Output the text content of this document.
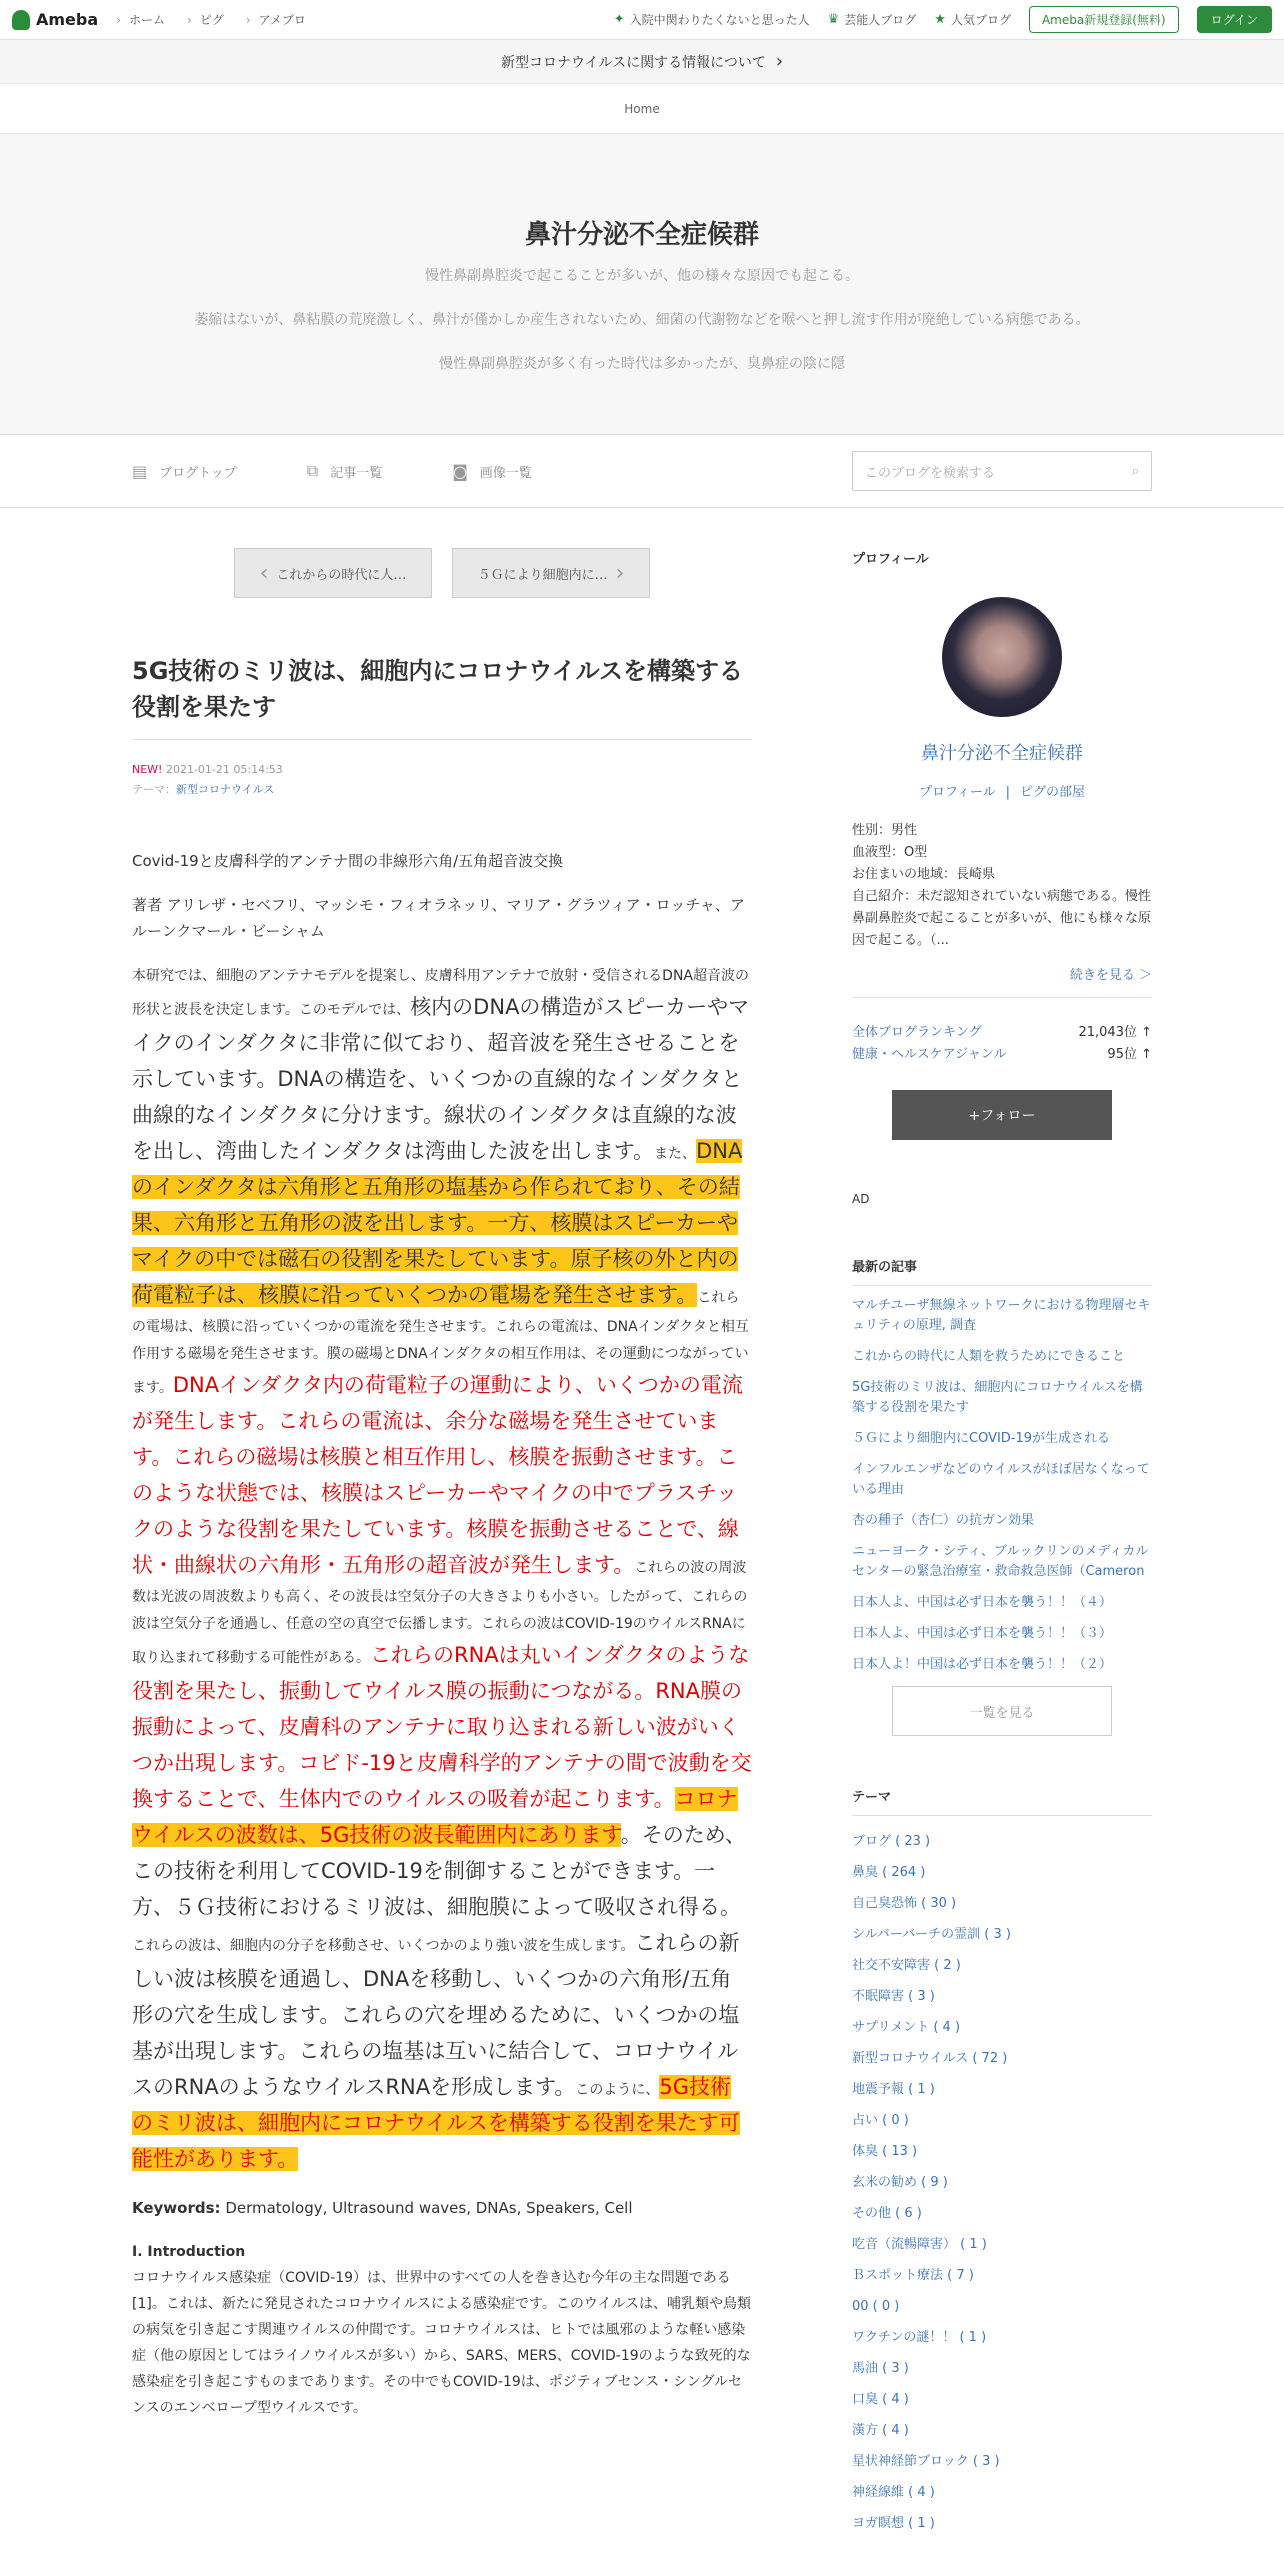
Ameba	› ホーム	› ピグ	› アメブロ	✦ 入院中関わりたくないと思った人 ♛ 芸能人ブログ ★ 人気ブログ	Ameba新規登録(無料)	ログイン
新型コロナウイルスに関する情報について ›
Home
鼻汁分泌不全症候群

慢性鼻副鼻腔炎で起こることが多いが、他の様々な原因でも起こる。

萎縮はないが、鼻粘膜の荒廃激しく、鼻汁が僅かしか産生されないため、細菌の代謝物などを喉へと押し流す作用が廃絶している病態である。

慢性鼻副鼻腔炎が多く有った時代は多かったが、臭鼻症の陰に隠

▤ ブログトップ	⧉ 記事一覧	◙ 画像一覧	このブログを検索する	⌕
‹ これからの時代に人…	５Ｇにより細胞内に… ›
5G技術のミリ波は、細胞内にコロナウイルスを構築する役割を果たす
NEW! 2021-01-21 05:14:53
テーマ：新型コロナウイルス

Covid-19と皮膚科学的アンテナ間の非線形六角/五角超音波交換

著者 アリレザ・セベフリ、マッシモ・フィオラネッリ、マリア・グラツィア・ロッチャ、アルーンクマール・ビーシャム

本研究では、細胞のアンテナモデルを提案し、皮膚科用アンテナで放射・受信されるDNA超音波の形状と波長を決定します。このモデルでは、核内のDNAの構造がスピーカーやマイクのインダクタに非常に似ており、超音波を発生させることを示しています。DNAの構造を、いくつかの直線的なインダクタと曲線的なインダクタに分けます。線状のインダクタは直線的な波を出し、湾曲したインダクタは湾曲した波を出します。また、DNAのインダクタは六角形と五角形の塩基から作られており、その結果、六角形と五角形の波を出します。一方、核膜はスピーカーやマイクの中では磁石の役割を果たしています。原子核の外と内の荷電粒子は、核膜に沿っていくつかの電場を発生させます。これらの電場は、核膜に沿っていくつかの電流を発生させます。これらの電流は、DNAインダクタと相互作用する磁場を発生させます。膜の磁場とDNAインダクタの相互作用は、その運動につながっています。DNAインダクタ内の荷電粒子の運動により、いくつかの電流が発生します。これらの電流は、余分な磁場を発生させています。これらの磁場は核膜と相互作用し、核膜を振動させます。このような状態では、核膜はスピーカーやマイクの中でプラスチックのような役割を果たしています。核膜を振動させることで、線状・曲線状の六角形・五角形の超音波が発生します。これらの波の周波数は光波の周波数よりも高く、その波長は空気分子の大きさよりも小さい。したがって、これらの波は空気分子を通過し、任意の空の真空で伝播します。これらの波はCOVID-19のウイルスRNAに取り込まれて移動する可能性がある。これらのRNAは丸いインダクタのような役割を果たし、振動してウイルス膜の振動につながる。RNA膜の振動によって、皮膚科のアンテナに取り込まれる新しい波がいくつか出現します。コビド-19と皮膚科学的アンテナの間で波動を交換することで、生体内でのウイルスの吸着が起こります。コロナウイルスの波数は、5G技術の波長範囲内にあります。そのため、この技術を利用してCOVID-19を制御することができます。一方、５Ｇ技術におけるミリ波は、細胞膜によって吸収され得る。これらの波は、細胞内の分子を移動させ、いくつかのより強い波を生成します。これらの新しい波は核膜を通過し、DNAを移動し、いくつかの六角形/五角形の穴を生成します。これらの穴を埋めるために、いくつかの塩基が出現します。これらの塩基は互いに結合して、コロナウイルスのRNAのようなウイルスRNAを形成します。このように、5G技術のミリ波は、細胞内にコロナウイルスを構築する役割を果たす可能性があります。

Keywords: Dermatology, Ultrasound waves, DNAs, Speakers, Cell

I. Introduction
コロナウイルス感染症（COVID-19）は、世界中のすべての人を巻き込む今年の主な問題である[1]。これは、新たに発見されたコロナウイルスによる感染症です。このウイルスは、哺乳類や鳥類の病気を引き起こす関連ウイルスの仲間です。コロナウイルスは、ヒトでは風邪のような軽い感染症（他の原因としてはライノウイルスが多い）から、SARS、MERS、COVID-19のような致死的な感染症を引き起こすものまであります。その中でもCOVID-19は、ポジティブセンス・シングルセンスのエンベロープ型ウイルスです。
プロフィール
鼻汁分泌不全症候群
プロフィール | ピグの部屋
性別：男性
血液型：O型
お住まいの地域：長崎県
自己紹介：未だ認知されていない病態である。慢性鼻副鼻腔炎で起こることが多いが、他にも様々な原因で起こる。（...
続きを見る ＞
全体ブログランキング	21,043位 ↑
健康・ヘルスケアジャンル	95位 ↑
+フォロー
AD
最新の記事
マルチユーザ無線ネットワークにおける物理層セキュリティの原理, 調査
これからの時代に人類を救うためにできること
5G技術のミリ波は、細胞内にコロナウイルスを構築する役割を果たす
５Ｇにより細胞内にCOVID-19が生成される
インフルエンザなどのウイルスがほぼ居なくなっている理由
杏の種子（杏仁）の抗ガン効果
ニューヨーク・シティ、ブルックリンのメディカルセンターの緊急治療室・救命救急医師（Cameron
日本人よ、中国は必ず日本を襲う！！（４）
日本人よ、中国は必ず日本を襲う！！（３）
日本人よ！中国は必ず日本を襲う！！（２）
一覧を見る
テーマ
ブログ ( 23 )
鼻臭 ( 264 )
自己臭恐怖 ( 30 )
シルバーバーチの霊訓 ( 3 )
社交不安障害 ( 2 )
不眠障害 ( 3 )
サプリメント ( 4 )
新型コロナウイルス ( 72 )
地震予報 ( 1 )
占い ( 0 )
体臭 ( 13 )
玄米の勧め ( 9 )
その他 ( 6 )
吃音（流暢障害） ( 1 )
Ｂスポット療法 ( 7 )
00 ( 0 )
ワクチンの謎！！ ( 1 )
馬油 ( 3 )
口臭 ( 4 )
漢方 ( 4 )
星状神経節ブロック ( 3 )
神経線維 ( 4 )
ヨガ瞑想 ( 1 )
